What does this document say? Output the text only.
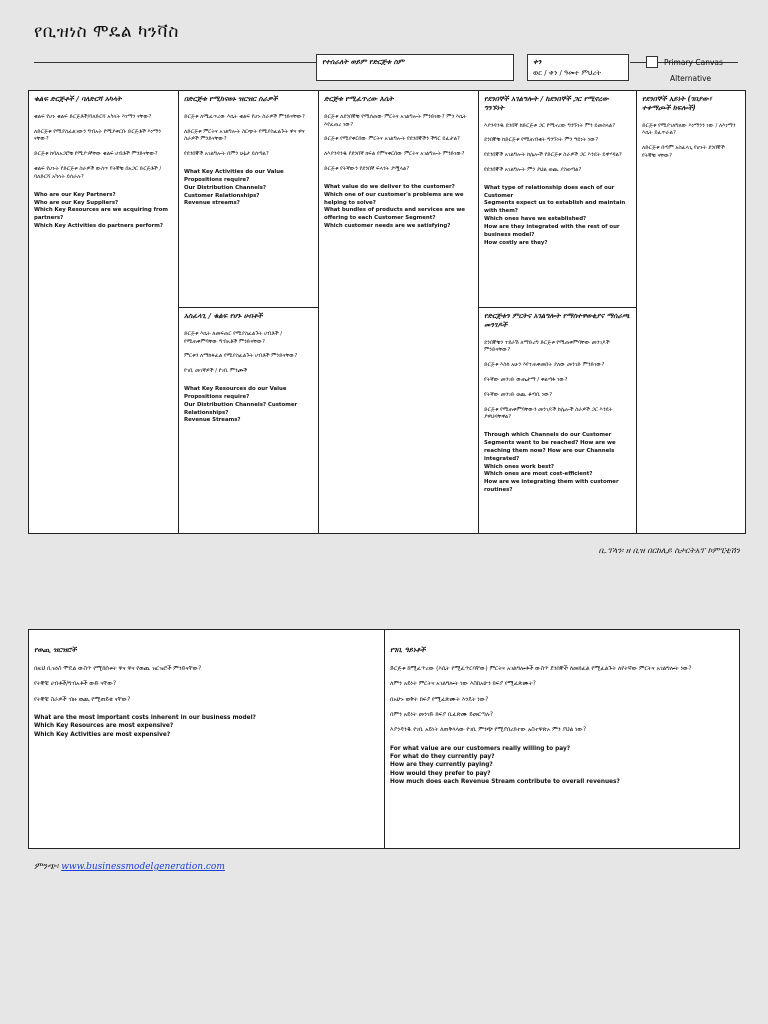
የቢዝነስ ሞዴል ካንቫስ
የተሰራለት ወይም የድርጅቱ ስም	ቀን
ወር / ቀን / ዓመተ ምህረት
Primary Canvas
Alternative
ቁልፍ ድርጅቶች / ባለድርሻ አካላት

ቁልፍ የሆኑ ቁልፍ ድርጅቶች/ባለድርሻ አካላት እነማን ናቸው?

ለድርጅቱ የሚያስፈልገውን ግብአት የሚያቀርቡ ድርጅቶች እነማን ናቸው?

ድርጅቱ ከባለአጋሮቹ የሚያገኛቸው ቁልፍ ሀብቶች ምንድናቸው?

ቁልፍ የሆኑት የድርጅቱ ስራዎች ውስጥ የትኞቹ በአጋር ድርጅቶች / ባለድርሻ አካላት ይሰራሉ?

Who are our Key Partners?
Who are our Key Suppliers?
Which Key Resources are we acquiring from partners?
Which Key Activities do partners perform?
በድርጅቱ የሚከናወኑ ዝርዝር ስራዎች

ድርጅቱ ለሚፈጥረው እሴት ቁልፍ የሆኑ ስራዎች ምንድናቸው?

ለድርጅቱ ምርትና አገልግሎት ስርጭት የሚያስፈልጉት ዋና ዋና ስራዎች ምንድናቸው?

የደንበኞች አገልግሎት በምን ሁኔታ ይሰጣል?

What Key Activities do our Value Propositions require?
Our Distribution Channels?
Customer Relationships?
Revenue streams?
አስፈላጊ / ቁልፍ የሆኑ ሀብቶች

ድርጅቱ እሴት ለመፍጠር የሚያስፈልጉት ሀብቶች / የሚጠቀምባቸው ግብአቶች ምንድናቸው?

ምርቱን ለማከፋፈል የሚያስፈልጉት ሀብቶች ምንድናቸው?

የገቢ መገኛዎች / የገቢ ምንጮች

What Key Resources do our Value Propositions require?
Our Distribution Channels? Customer Relationships?
Revenue Streams?
ድርጅቱ የሚፈጥረው እሴት

ድርጅቱ ለደንበኞቹ የሚሰጠው ምርትና አገልግሎት ምንድነው? ምን እሴት እየፈጠረ ነው?

ድርጅቱ የሚያቀርበው ምርትና አገልግሎት የደንበኞችን ችግር ይፈታል?

ለእያንዳንዱ የደንበኛ ክፍል የምናቀርበው ምርትና አገልግሎት ምንድነው?

ድርጅቱ የትኛውን የደንበኛ ፍላጎት ያሟላል?

What value do we deliver to the customer?
Which one of our customer's problems are we helping to solve?
What bundles of products and services are we offering to each Customer Segment?
Which customer needs are we satisfying?
የደንበኞች አገልግሎት / ከደንበኞች ጋር የሚኖረው ግንኙነት

እያንዳንዱ ደንበኛ ከድርጅቱ ጋር የሚኖረው ግንኙነት ምን ይመስላል?

ደንበኞቹ ከድርጅቱ የሚጠብቁት ግንኙነት ምን ዓይነት ነው?

የደንበኞች አገልግሎት ከሌሎች የድርጅቱ ስራዎች ጋር እንዴት ይዋሃዳል?

የደንበኞች አገልግሎት ምን ያህል ወጪ ያስወጣል?

What type of relationship does each of our Customer
Segments expect us to establish and maintain with them?
Which ones have we established?
How are they integrated with the rest of our business model?
How costly are they?
የድርጅቱን ምርትና አገልግሎት የማስተዋወቂያና ማሰራጫ መንገዶች

ደንበኞቹን ተደራሽ ለማድረግ ድርጅቱ የሚጠቀምባቸው መንገዶች ምንድናቸው?

ድርጅቱ እስከ አሁን እየተጠቀመበት ያለው መንገድ ምንድነው?

የትኛው መንገድ ውጤታማ / ቀልጣፋ ነው?

የትኛው መንገድ ወጪ ቆጣቢ ነው?

ድርጅቱ የሚጠቀምባቸውን መንገዶች ከሌሎች ስራዎች ጋር እንዴት ያዋህዳቸዋል?

Through which Channels do our Customer Segments want to be reached? How are we reaching them now? How are our Channels integrated?
Which ones work best?
Which ones are most cost-efficient?
How are we integrating them with customer routines?
የደንበኞች አይነት (ገበያው፣ ተቀማጮች ክፍሎች)

ድርጅቱ የሚያገለግለው እነማንን ነው / ለእነማን እሴት ይፈጥራል?

ለድርጅቱ በጣም አስፈላጊ የሆኑት ደንበኞች የትኞቹ ናቸው?

ቢ.ፕላን፡ ዘ ቢዝ በርከሊይ ስታርትአፕ ኮምፒቲሽን
የወጪ ዝርዝሮች

በዚህ ቢዝነስ ሞዴል ውስጥ የሚከሰቱት ዋና ዋና የወጪ ዝርዝሮች ምንድናቸው?

የትኞቹ ሀብቶች/ግብአቶች ውድ ናቸው?

የትኞቹ ስራዎች ብዙ ወጪ የሚጠይቁ ናቸው?

What are the most important costs inherent in our business model?
Which Key Resources are most expensive?
Which Key Activities are most expensive?
የገቢ ዓይነቶች

ድርጅቱ ከሚፈጥረው (እሴት የሚፈጥርባቸው) ምርትና አገልግሎቶች ውስጥ ደንበኞች ለመክፈል የሚፈልጉት ለየትኛው ምርትና አገልግሎት ነው?

ለምን አይነት ምርትና አገልግሎት ነው እስከአሁን ክፍያ የሚፈጽሙት?

በአሁኑ ወቅት ክፍያ የሚፈጽሙት እንዴት ነው?

በምን አይነት መንገድ ክፍያ ቢፈጽሙ ይመርጣሉ?

እያንዳንዱ የገቢ አይነት ለጠቅላላው የገቢ ምንጭ የሚያበረክተው አስተዋጽኦ ምን ያህል ነው?

For what value are our customers really willing to pay?
For what do they currently pay?
How are they currently paying?
How would they prefer to pay?
How much does each Revenue Stream contribute to overall revenues?
ምንጭ፡ www.businessmodelgeneration.com
